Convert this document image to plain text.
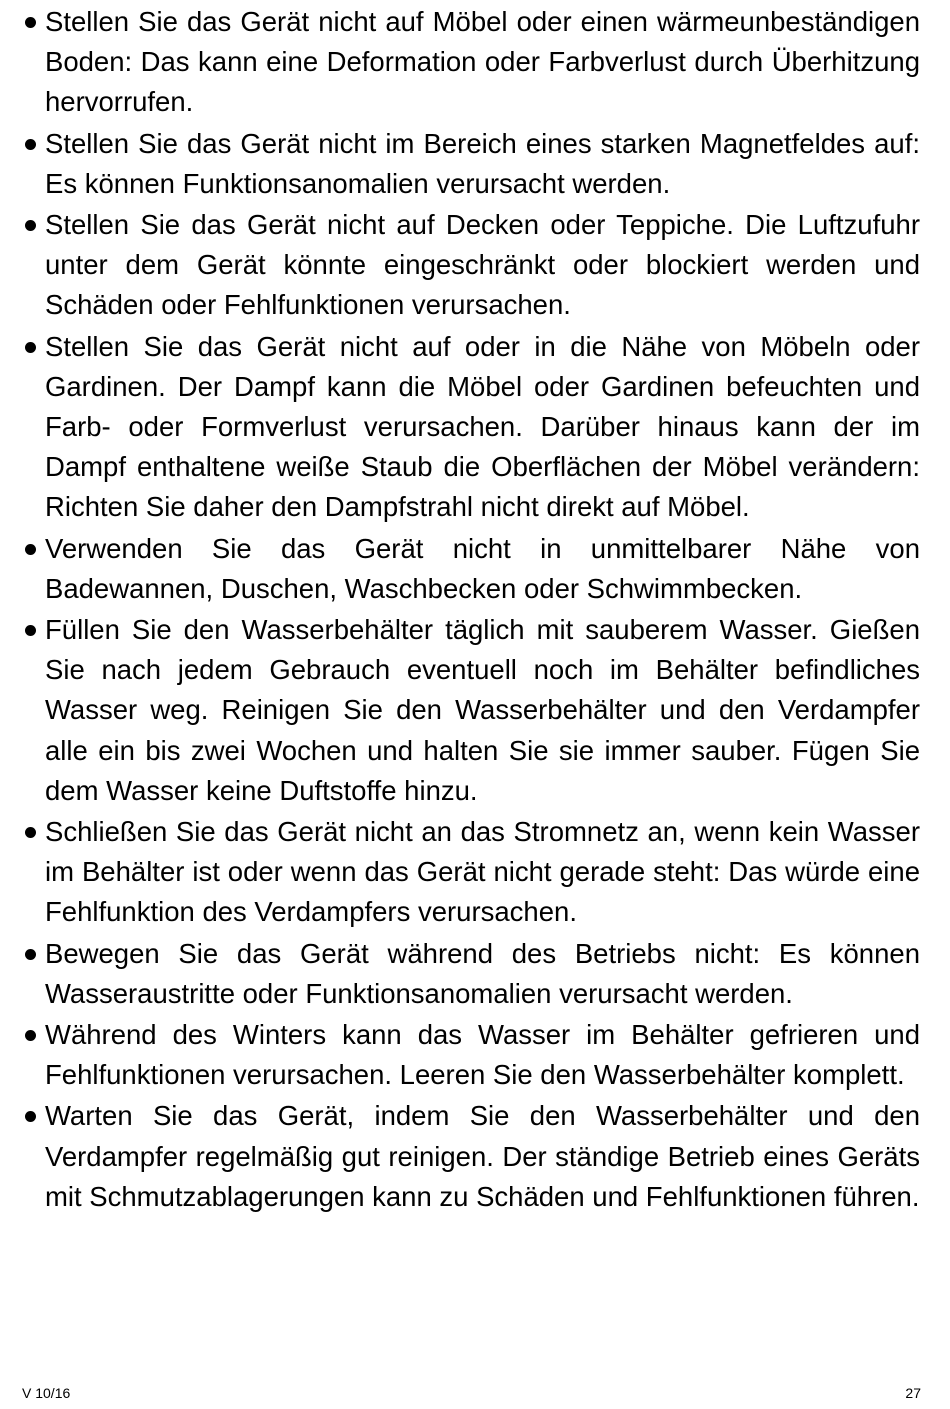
Stellen Sie das Gerät nicht auf Möbel oder einen wärmeunbeständigen Boden: Das kann eine Deformation oder Farbverlust durch Überhitzung hervorrufen.
Stellen Sie das Gerät nicht im Bereich eines starken Magnetfeldes auf: Es können Funktionsanomalien verursacht werden.
Stellen Sie das Gerät nicht auf Decken oder Teppiche. Die Luftzufuhr unter dem Gerät könnte eingeschränkt oder blockiert werden und Schäden oder Fehlfunktionen verursachen.
Stellen Sie das Gerät nicht auf oder in die Nähe von Möbeln oder Gardinen. Der Dampf kann die Möbel oder Gardinen befeuchten und Farb- oder Formverlust verursachen. Darüber hinaus kann der im Dampf enthaltene weiße Staub die Oberflächen der Möbel verändern: Richten Sie daher den Dampfstrahl nicht direkt auf Möbel.
Verwenden Sie das Gerät nicht in unmittelbarer Nähe von Badewannen, Duschen, Waschbecken oder Schwimmbecken.
Füllen Sie den Wasserbehälter täglich mit sauberem Wasser. Gießen Sie nach jedem Gebrauch eventuell noch im Behälter befindliches Wasser weg. Reinigen Sie den Wasserbehälter und den Verdampfer alle ein bis zwei Wochen und halten Sie sie immer sauber. Fügen Sie dem Wasser keine Duftstoffe hinzu.
Schließen Sie das Gerät nicht an das Stromnetz an, wenn kein Wasser im Behälter ist oder wenn das Gerät nicht gerade steht: Das würde eine Fehlfunktion des Verdampfers verursachen.
Bewegen Sie das Gerät während des Betriebs nicht: Es können Wasseraustritte oder Funktionsanomalien verursacht werden.
Während des Winters kann das Wasser im Behälter gefrieren und Fehlfunktionen verursachen. Leeren Sie den Wasserbehälter komplett.
Warten Sie das Gerät, indem Sie den Wasserbehälter und den Verdampfer regelmäßig gut reinigen. Der ständige Betrieb eines Geräts mit Schmutzablagerungen kann zu Schäden und Fehlfunktionen führen.
V 10/16	27
